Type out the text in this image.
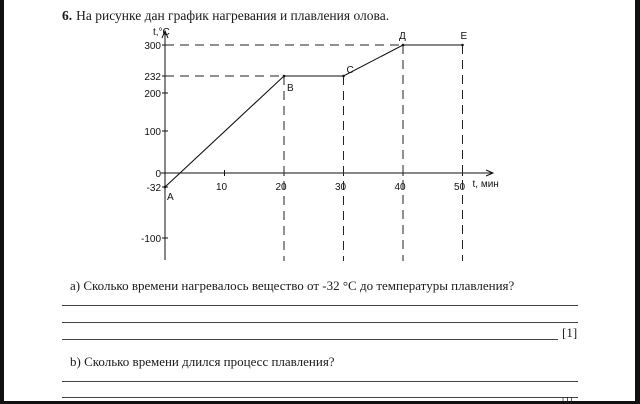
6. На рисунке дан график нагревания и плавления олова.
t,°C
t, мин
300
232
200
100
0
-32
-100
10	20	30	40	50
A
B
C
Д	E
a) Сколько времени нагревалось вещество от -32 °C до температуры плавления?
[1]
b) Сколько времени длился процесс плавления?
[1]
